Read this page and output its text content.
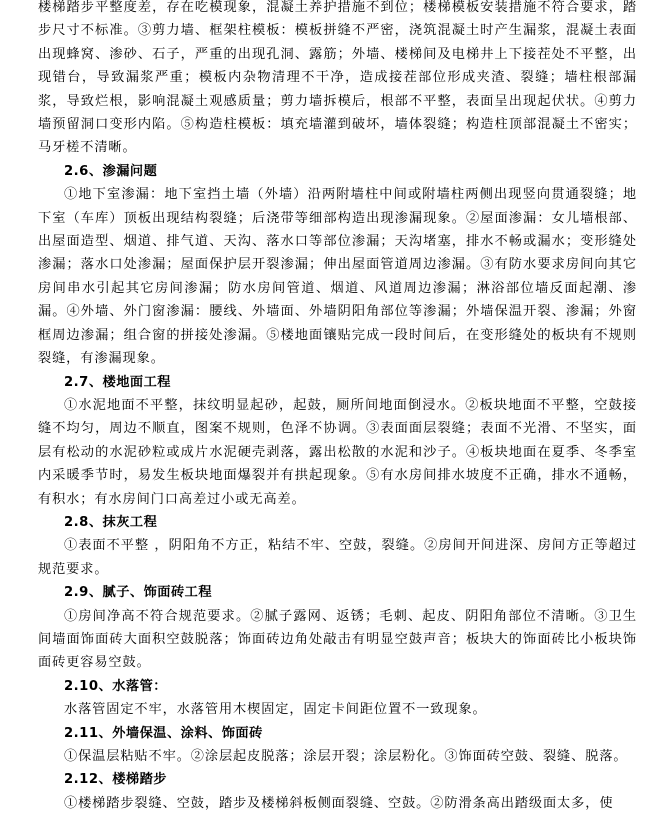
楼梯踏步平整度差，存在吃模现象，混凝土养护措施不到位；楼梯模板安装措施不符合要求，踏步尺寸不标准。③剪力墙、框架柱模板：模板拼缝不严密，浇筑混凝土时产生漏浆，混凝土表面出现蜂窝、渗砂、石子，严重的出现孔洞、露筋；外墙、楼梯间及电梯井上下接茬处不平整，出现错台，导致漏浆严重；模板内杂物清理不干净，造成接茬部位形成夹渣、裂缝；墙柱根部漏浆，导致烂根，影响混凝土观感质量；剪力墙拆模后，根部不平整，表面呈出现起伏状。④剪力墙预留洞口变形内陷。⑤构造柱模板：填充墙灌到破坏，墙体裂缝；构造柱顶部混凝土不密实；马牙槎不清晰。

2.6、渗漏问题

①地下室渗漏：地下室挡土墙（外墙）沿两附墙柱中间或附墙柱两侧出现竖向贯通裂缝；地下室（车库）顶板出现结构裂缝；后浇带等细部构造出现渗漏现象。②屋面渗漏：女儿墙根部、出屋面造型、烟道、排气道、天沟、落水口等部位渗漏；天沟堵塞，排水不畅或漏水；变形缝处渗漏；落水口处渗漏；屋面保护层开裂渗漏；伸出屋面管道周边渗漏。③有防水要求房间向其它房间串水引起其它房间渗漏；防水房间管道、烟道、风道周边渗漏；淋浴部位墙反面起潮、渗漏。④外墙、外门窗渗漏：腰线、外墙面、外墙阴阳角部位等渗漏；外墙保温开裂、渗漏；外窗框周边渗漏；组合窗的拼接处渗漏。⑤楼地面镶贴完成一段时间后，在变形缝处的板块有不规则裂缝，有渗漏现象。

2.7、楼地面工程

①水泥地面不平整，抹纹明显起砂，起鼓，厕所间地面倒浸水。②板块地面不平整，空鼓接缝不均匀，周边不顺直，图案不规则，色泽不协调。③表面面层裂缝；表面不光滑、不坚实，面层有松动的水泥砂粒或成片水泥硬壳剥落，露出松散的水泥和沙子。④板块地面在夏季、冬季室内采暖季节时，易发生板块地面爆裂并有拱起现象。⑤有水房间排水坡度不正确，排水不通畅，有积水；有水房间门口高差过小或无高差。

2.8、抹灰工程

①表面不平整 ，阴阳角不方正，粘结不牢、空鼓，裂缝。②房间开间进深、房间方正等超过规范要求。

2.9、腻子、饰面砖工程

①房间净高不符合规范要求。②腻子露网、返锈；毛刺、起皮、阴阳角部位不清晰。③卫生间墙面饰面砖大面积空鼓脱落；饰面砖边角处敲击有明显空鼓声音；板块大的饰面砖比小板块饰面砖更容易空鼓。

2.10、水落管：

水落管固定不牢，水落管用木楔固定，固定卡间距位置不一致现象。

2.11、外墙保温、涂料、饰面砖

①保温层粘贴不牢。②涂层起皮脱落；涂层开裂；涂层粉化。③饰面砖空鼓、裂缝、脱落。

2.12、楼梯踏步

①楼梯踏步裂缝、空鼓，踏步及楼梯斜板侧面裂缝、空鼓。②防滑条高出踏级面太多，使
